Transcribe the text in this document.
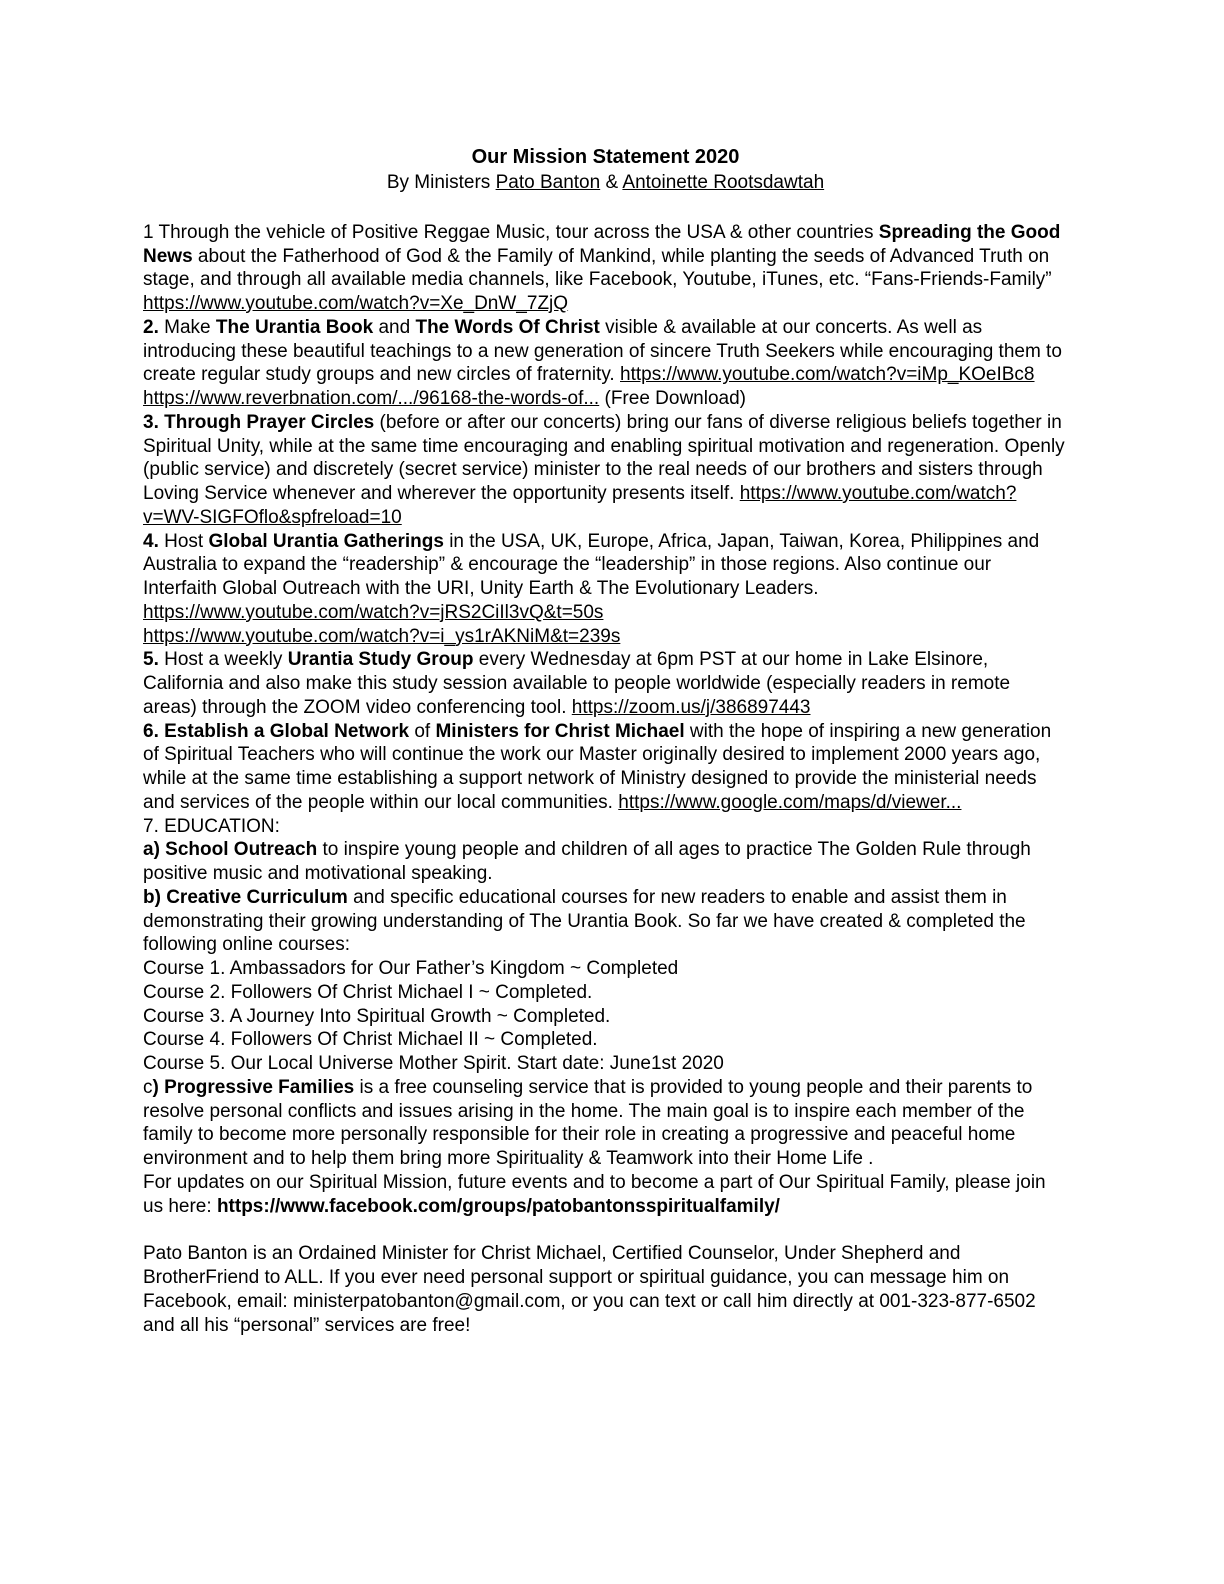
Our Mission Statement 2020
By Ministers Pato Banton & Antoinette Rootsdawtah

1 Through the vehicle of Positive Reggae Music, tour across the USA & other countries Spreading the Good News about the Fatherhood of God & the Family of Mankind, while planting the seeds of Advanced Truth on stage, and through all available media channels, like Facebook, Youtube, iTunes, etc. “Fans-Friends-Family” https://www.youtube.com/watch?v=Xe_DnW_7ZjQ

2. Make The Urantia Book and The Words Of Christ visible & available at our concerts. As well as introducing these beautiful teachings to a new generation of sincere Truth Seekers while encouraging them to create regular study groups and new circles of fraternity. https://www.youtube.com/watch?v=iMp_KOeIBc8
https://www.reverbnation.com/.../96168-the-words-of... (Free Download)

3. Through Prayer Circles (before or after our concerts) bring our fans of diverse religious beliefs together in Spiritual Unity, while at the same time encouraging and enabling spiritual motivation and regeneration. Openly (public service) and discretely (secret service) minister to the real needs of our brothers and sisters through Loving Service whenever and wherever the opportunity presents itself. https://www.youtube.com/watch?v=WV-SIGFOflo&spfreload=10

4. Host Global Urantia Gatherings in the USA, UK, Europe, Africa, Japan, Taiwan, Korea, Philippines and Australia to expand the “readership” & encourage the “leadership” in those regions. Also continue our Interfaith Global Outreach with the URI, Unity Earth & The Evolutionary Leaders.
https://www.youtube.com/watch?v=jRS2CiIl3vQ&t=50s
https://www.youtube.com/watch?v=i_ys1rAKNiM&t=239s

5. Host a weekly Urantia Study Group every Wednesday at 6pm PST at our home in Lake Elsinore, California and also make this study session available to people worldwide (especially readers in remote areas) through the ZOOM video conferencing tool. https://zoom.us/j/386897443

6. Establish a Global Network of Ministers for Christ Michael with the hope of inspiring a new generation of Spiritual Teachers who will continue the work our Master originally desired to implement 2000 years ago, while at the same time establishing a support network of Ministry designed to provide the ministerial needs and services of the people within our local communities. https://www.google.com/maps/d/viewer...

7. EDUCATION:

a) School Outreach to inspire young people and children of all ages to practice The Golden Rule through positive music and motivational speaking.

b) Creative Curriculum and specific educational courses for new readers to enable and assist them in demonstrating their growing understanding of The Urantia Book. So far we have created & completed the following online courses:

Course 1. Ambassadors for Our Father’s Kingdom ~ Completed

Course 2. Followers Of Christ Michael I ~ Completed.

Course 3. A Journey Into Spiritual Growth ~ Completed.

Course 4. Followers Of Christ Michael II ~ Completed.

Course 5. Our Local Universe Mother Spirit. Start date: June1st 2020

c) Progressive Families is a free counseling service that is provided to young people and their parents to resolve personal conflicts and issues arising in the home. The main goal is to inspire each member of the family to become more personally responsible for their role in creating a progressive and peaceful home environment and to help them bring more Spirituality & Teamwork into their Home Life .

For updates on our Spiritual Mission, future events and to become a part of Our Spiritual Family, please join us here: https://www.facebook.com/groups/patobantonsspiritualfamily/

Pato Banton is an Ordained Minister for Christ Michael, Certified Counselor, Under Shepherd and BrotherFriend to ALL. If you ever need personal support or spiritual guidance, you can message him on Facebook, email: ministerpatobanton@gmail.com, or you can text or call him directly at 001-323-877-6502 and all his “personal” services are free!
